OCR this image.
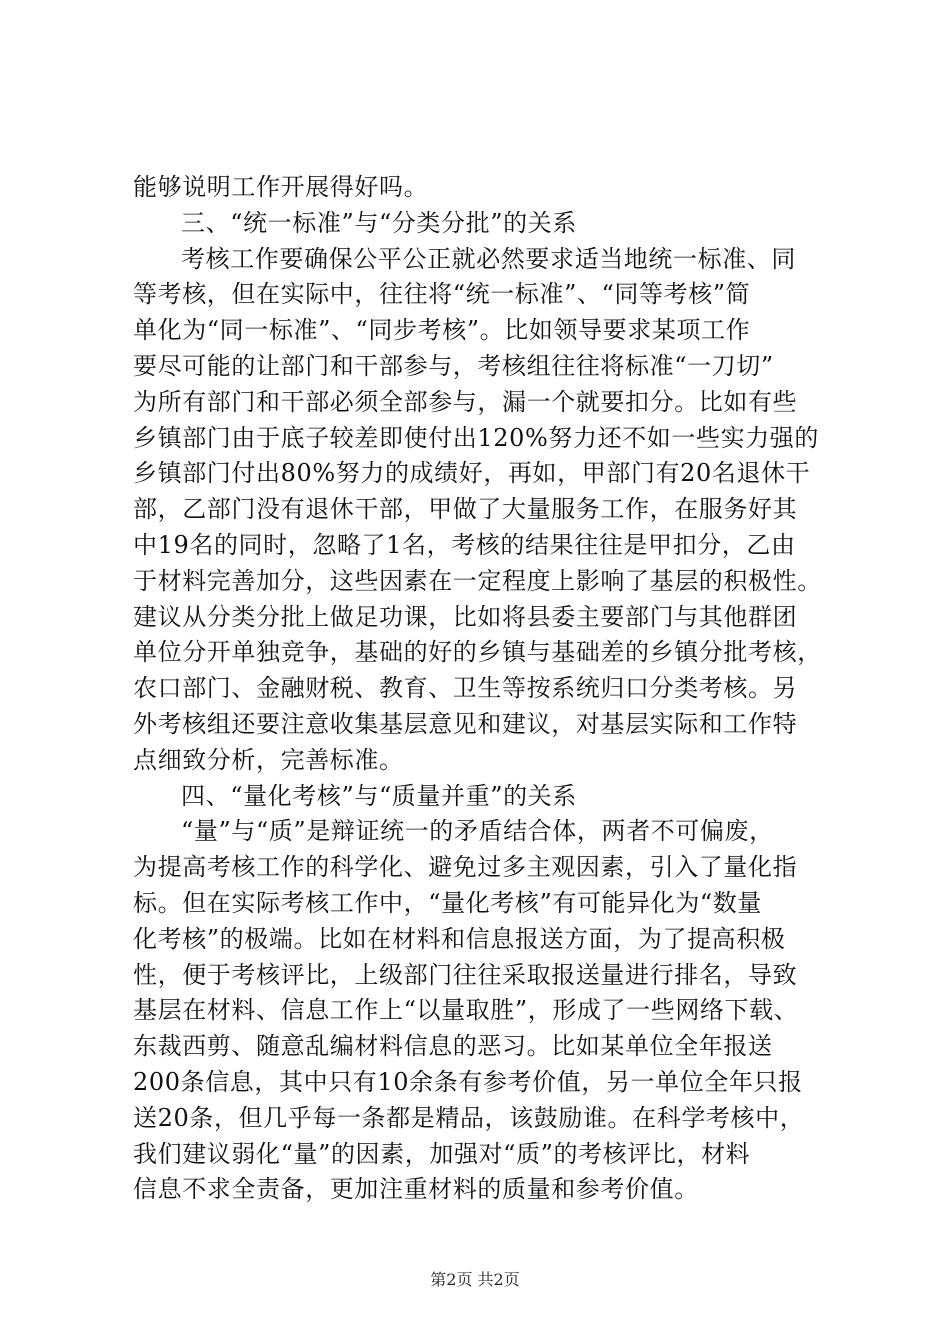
能够说明工作开展得好吗。
三、“统一标准”与“分类分批”的关系
考核工作要确保公平公正就必然要求适当地统一标准、同
等考核，但在实际中，往往将“统一标准”、“同等考核”简
单化为“同一标准”、“同步考核”。比如领导要求某项工作
要尽可能的让部门和干部参与，考核组往往将标准“一刀切”
为所有部门和干部必须全部参与，漏一个就要扣分。比如有些
乡镇部门由于底子较差即使付出120%努力还不如一些实力强的
乡镇部门付出80%努力的成绩好，再如，甲部门有20名退休干
部，乙部门没有退休干部，甲做了大量服务工作，在服务好其
中19名的同时，忽略了1名，考核的结果往往是甲扣分，乙由
于材料完善加分，这些因素在一定程度上影响了基层的积极性。
建议从分类分批上做足功课，比如将县委主要部门与其他群团
单位分开单独竞争，基础的好的乡镇与基础差的乡镇分批考核，
农口部门、金融财税、教育、卫生等按系统归口分类考核。另
外考核组还要注意收集基层意见和建议，对基层实际和工作特
点细致分析，完善标准。
四、“量化考核”与“质量并重”的关系
“量”与“质”是辩证统一的矛盾结合体，两者不可偏废，
为提高考核工作的科学化、避免过多主观因素，引入了量化指
标。但在实际考核工作中，“量化考核”有可能异化为“数量
化考核”的极端。比如在材料和信息报送方面，为了提高积极
性，便于考核评比，上级部门往往采取报送量进行排名，导致
基层在材料、信息工作上“以量取胜”，形成了一些网络下载、
东裁西剪、随意乱编材料信息的恶习。比如某单位全年报送
200条信息，其中只有10余条有参考价值，另一单位全年只报
送20条，但几乎每一条都是精品，该鼓励谁。在科学考核中，
我们建议弱化“量”的因素，加强对“质”的考核评比，材料
信息不求全责备，更加注重材料的质量和参考价值。
第2页 共2页
